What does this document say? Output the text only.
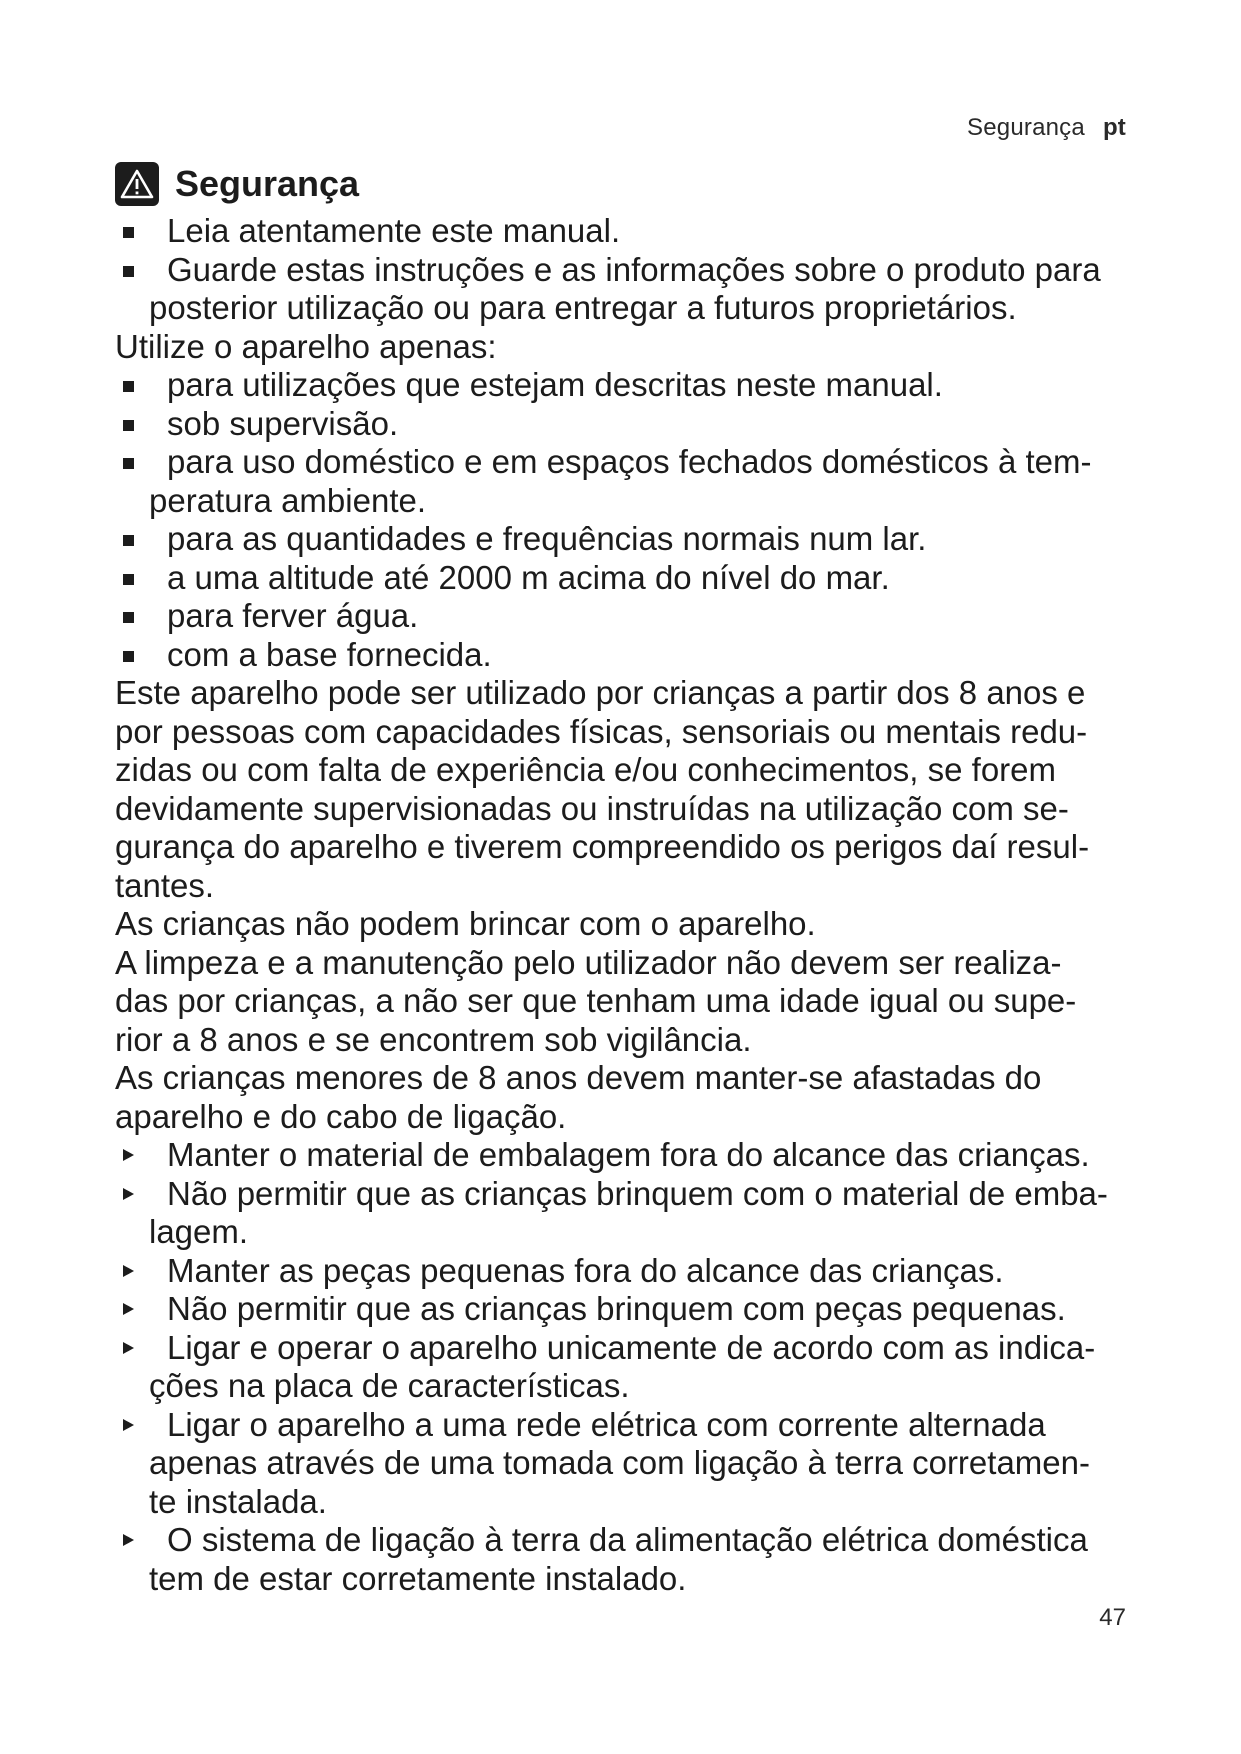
Segurança pt
Segurança
Leia atentamente este manual.
Guarde estas instruções e as informações sobre o produto para
posterior utilização ou para entregar a futuros proprietários.

Utilize o aparelho apenas:

para utilizações que estejam descritas neste manual.
sob supervisão.
para uso doméstico e em espaços fechados domésticos à tem-
peratura ambiente.
para as quantidades e frequências normais num lar.
a uma altitude até 2000 m acima do nível do mar.
para ferver água.
com a base fornecida.

Este aparelho pode ser utilizado por crianças a partir dos 8 anos e
por pessoas com capacidades físicas, sensoriais ou mentais redu-
zidas ou com falta de experiência e/ou conhecimentos, se forem
devidamente supervisionadas ou instruídas na utilização com se-
gurança do aparelho e tiverem compreendido os perigos daí resul-
tantes.

As crianças não podem brincar com o aparelho.

A limpeza e a manutenção pelo utilizador não devem ser realiza-
das por crianças, a não ser que tenham uma idade igual ou supe-
rior a 8 anos e se encontrem sob vigilância.

As crianças menores de 8 anos devem manter-se afastadas do
aparelho e do cabo de ligação.

Manter o material de embalagem fora do alcance das crianças.
Não permitir que as crianças brinquem com o material de emba-
lagem.
Manter as peças pequenas fora do alcance das crianças.
Não permitir que as crianças brinquem com peças pequenas.
Ligar e operar o aparelho unicamente de acordo com as indica-
ções na placa de características.
Ligar o aparelho a uma rede elétrica com corrente alternada
apenas através de uma tomada com ligação à terra corretamen-
te instalada.
O sistema de ligação à terra da alimentação elétrica doméstica
tem de estar corretamente instalado.
47
